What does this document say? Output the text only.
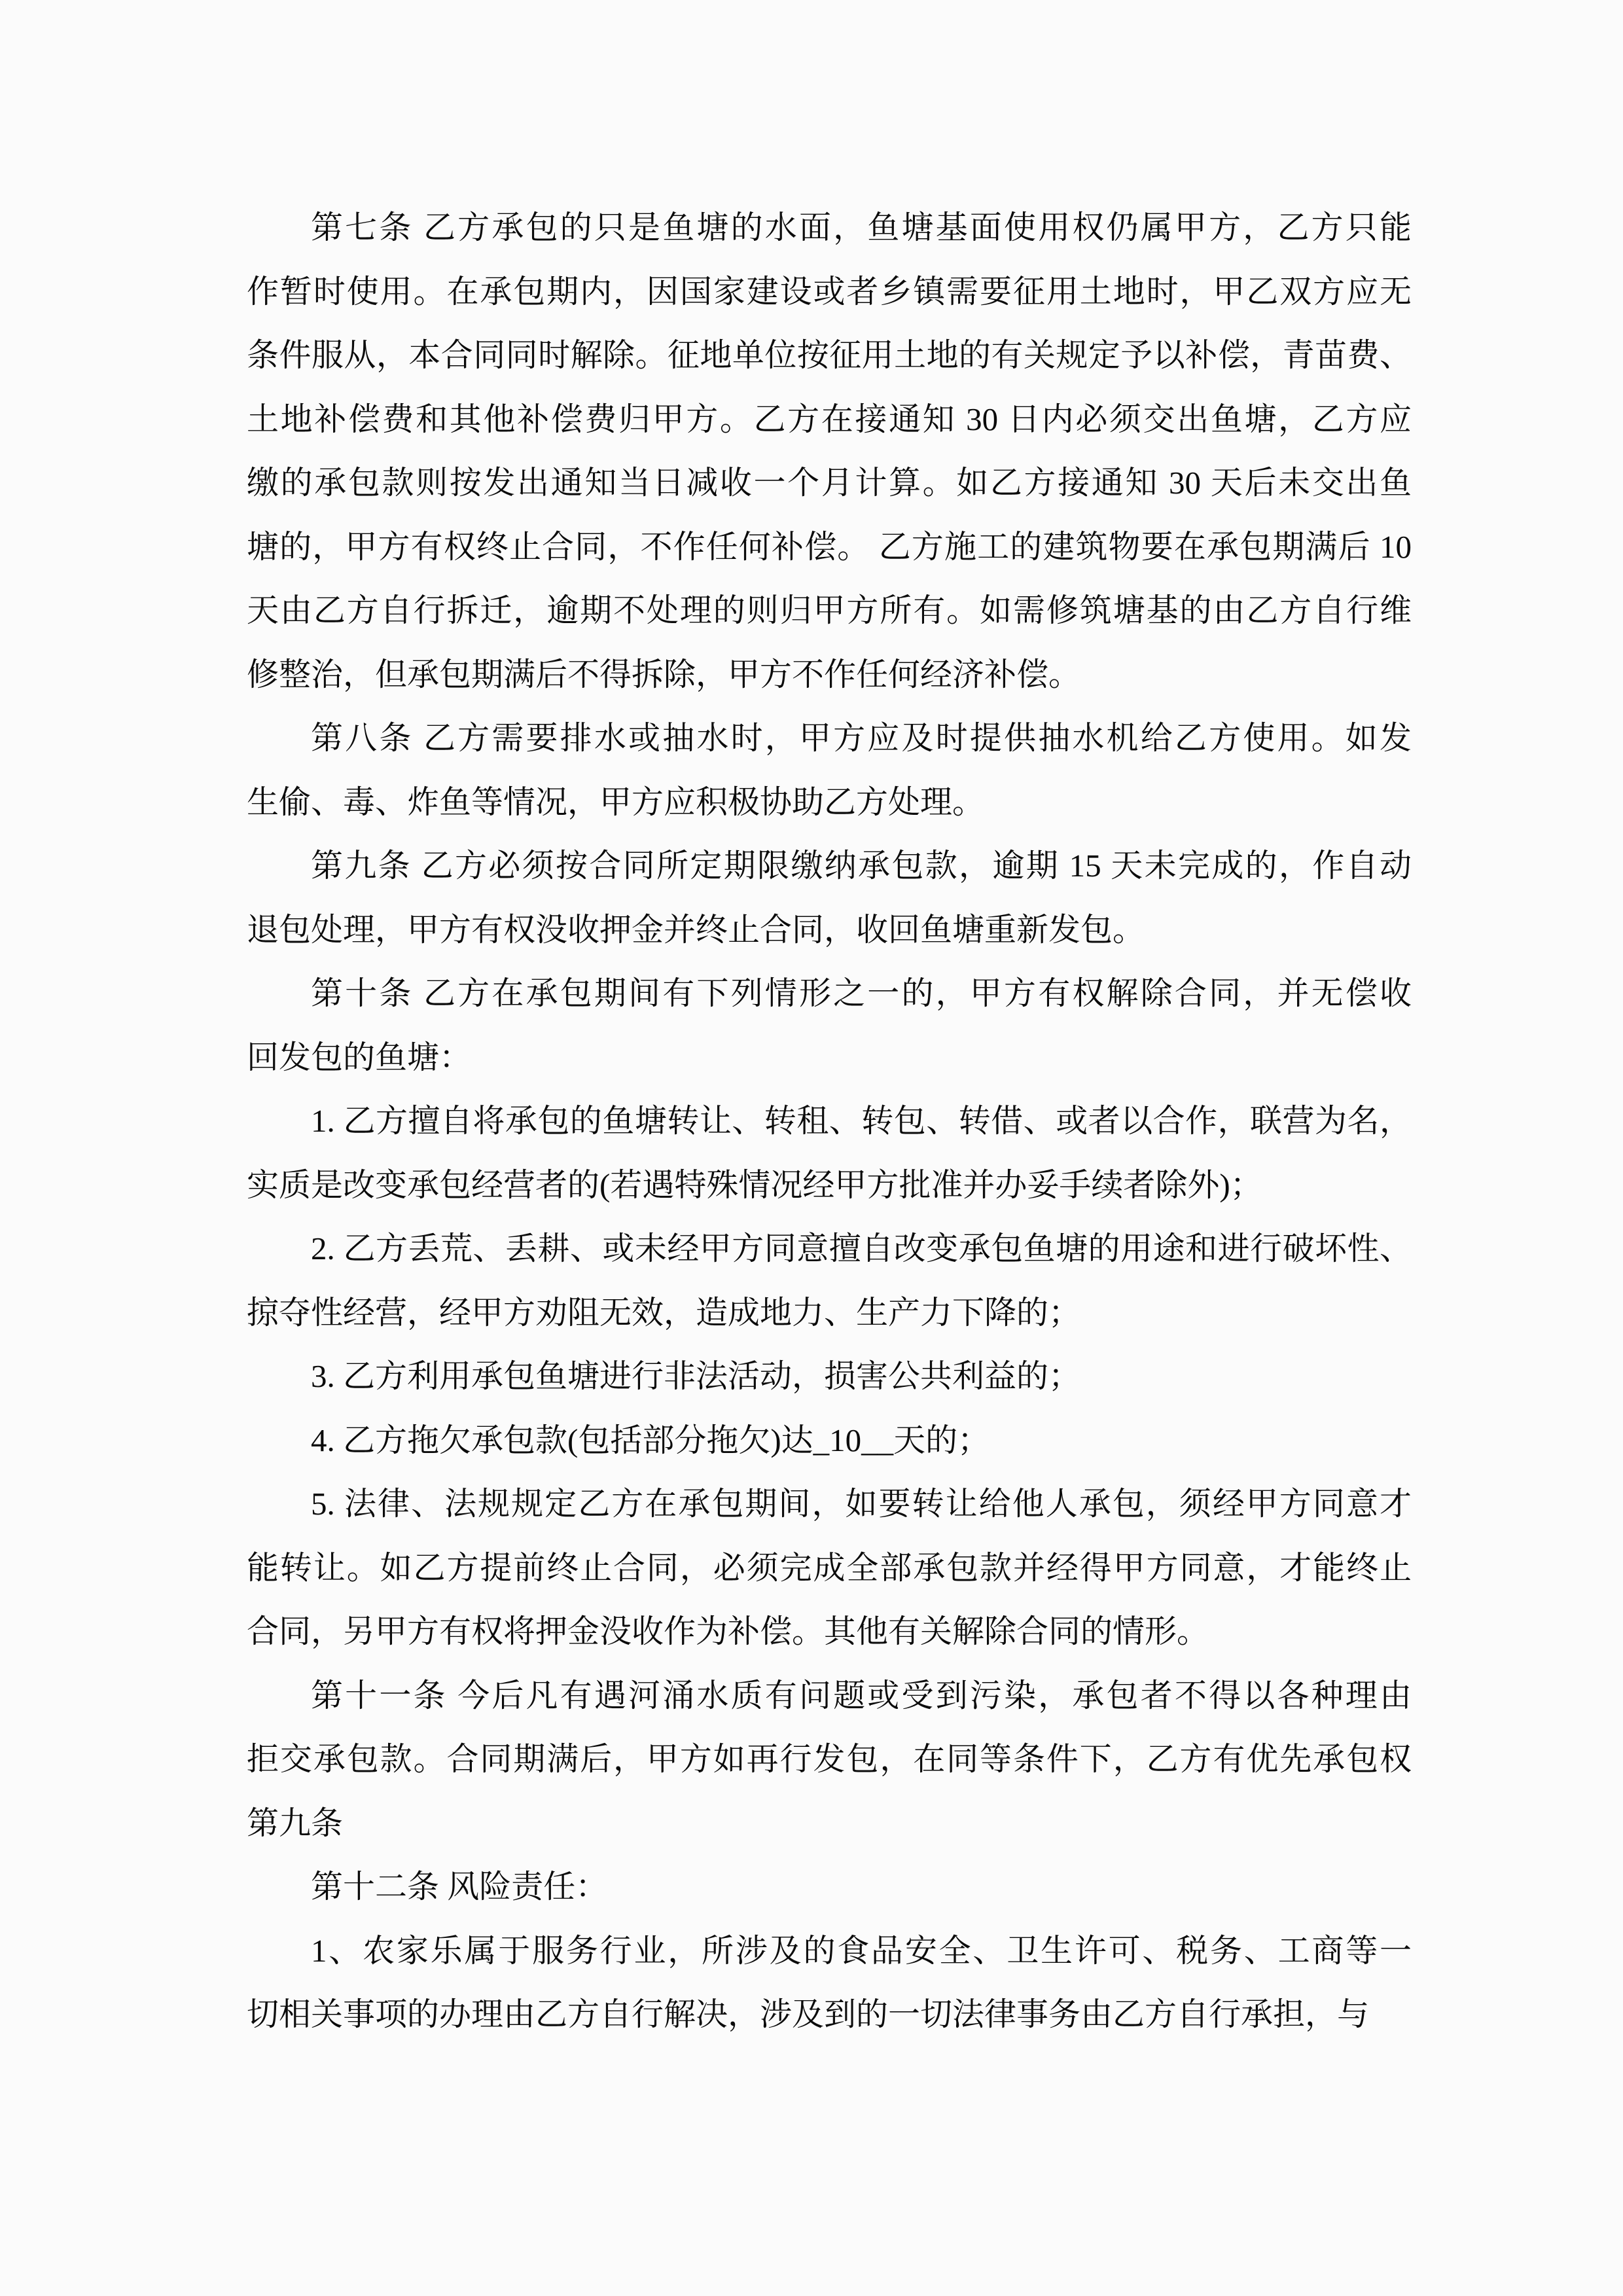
第七条 乙方承包的只是鱼塘的水面，鱼塘基面使用权仍属甲方，乙方只能
作暂时使用。在承包期内，因国家建设或者乡镇需要征用土地时，甲乙双方应无
条件服从，本合同同时解除。征地单位按征用土地的有关规定予以补偿，青苗费、
土地补偿费和其他补偿费归甲方。乙方在接通知 30 日内必须交出鱼塘，乙方应
缴的承包款则按发出通知当日减收一个月计算。如乙方接通知 30 天后未交出鱼
塘的，甲方有权终止合同，不作任何补偿。 乙方施工的建筑物要在承包期满后 10
天由乙方自行拆迁，逾期不处理的则归甲方所有。如需修筑塘基的由乙方自行维
修整治，但承包期满后不得拆除，甲方不作任何经济补偿。
第八条 乙方需要排水或抽水时，甲方应及时提供抽水机给乙方使用。如发
生偷、毒、炸鱼等情况，甲方应积极协助乙方处理。
第九条 乙方必须按合同所定期限缴纳承包款，逾期 15 天未完成的，作自动
退包处理，甲方有权没收押金并终止合同，收回鱼塘重新发包。
第十条 乙方在承包期间有下列情形之一的，甲方有权解除合同，并无偿收
回发包的鱼塘：
1. 乙方擅自将承包的鱼塘转让、转租、转包、转借、或者以合作，联营为名，
实质是改变承包经营者的(若遇特殊情况经甲方批准并办妥手续者除外)；
2. 乙方丢荒、丢耕、或未经甲方同意擅自改变承包鱼塘的用途和进行破坏性、
掠夺性经营，经甲方劝阻无效，造成地力、生产力下降的；
3. 乙方利用承包鱼塘进行非法活动，损害公共利益的；
4. 乙方拖欠承包款(包括部分拖欠)达_10__天的；
5. 法律、法规规定乙方在承包期间，如要转让给他人承包，须经甲方同意才
能转让。如乙方提前终止合同，必须完成全部承包款并经得甲方同意，才能终止
合同，另甲方有权将押金没收作为补偿。其他有关解除合同的情形。
第十一条 今后凡有遇河涌水质有问题或受到污染，承包者不得以各种理由
拒交承包款。合同期满后，甲方如再行发包，在同等条件下，乙方有优先承包权
第九条
第十二条 风险责任：
1、农家乐属于服务行业，所涉及的食品安全、卫生许可、税务、工商等一
切相关事项的办理由乙方自行解决，涉及到的一切法律事务由乙方自行承担，与
